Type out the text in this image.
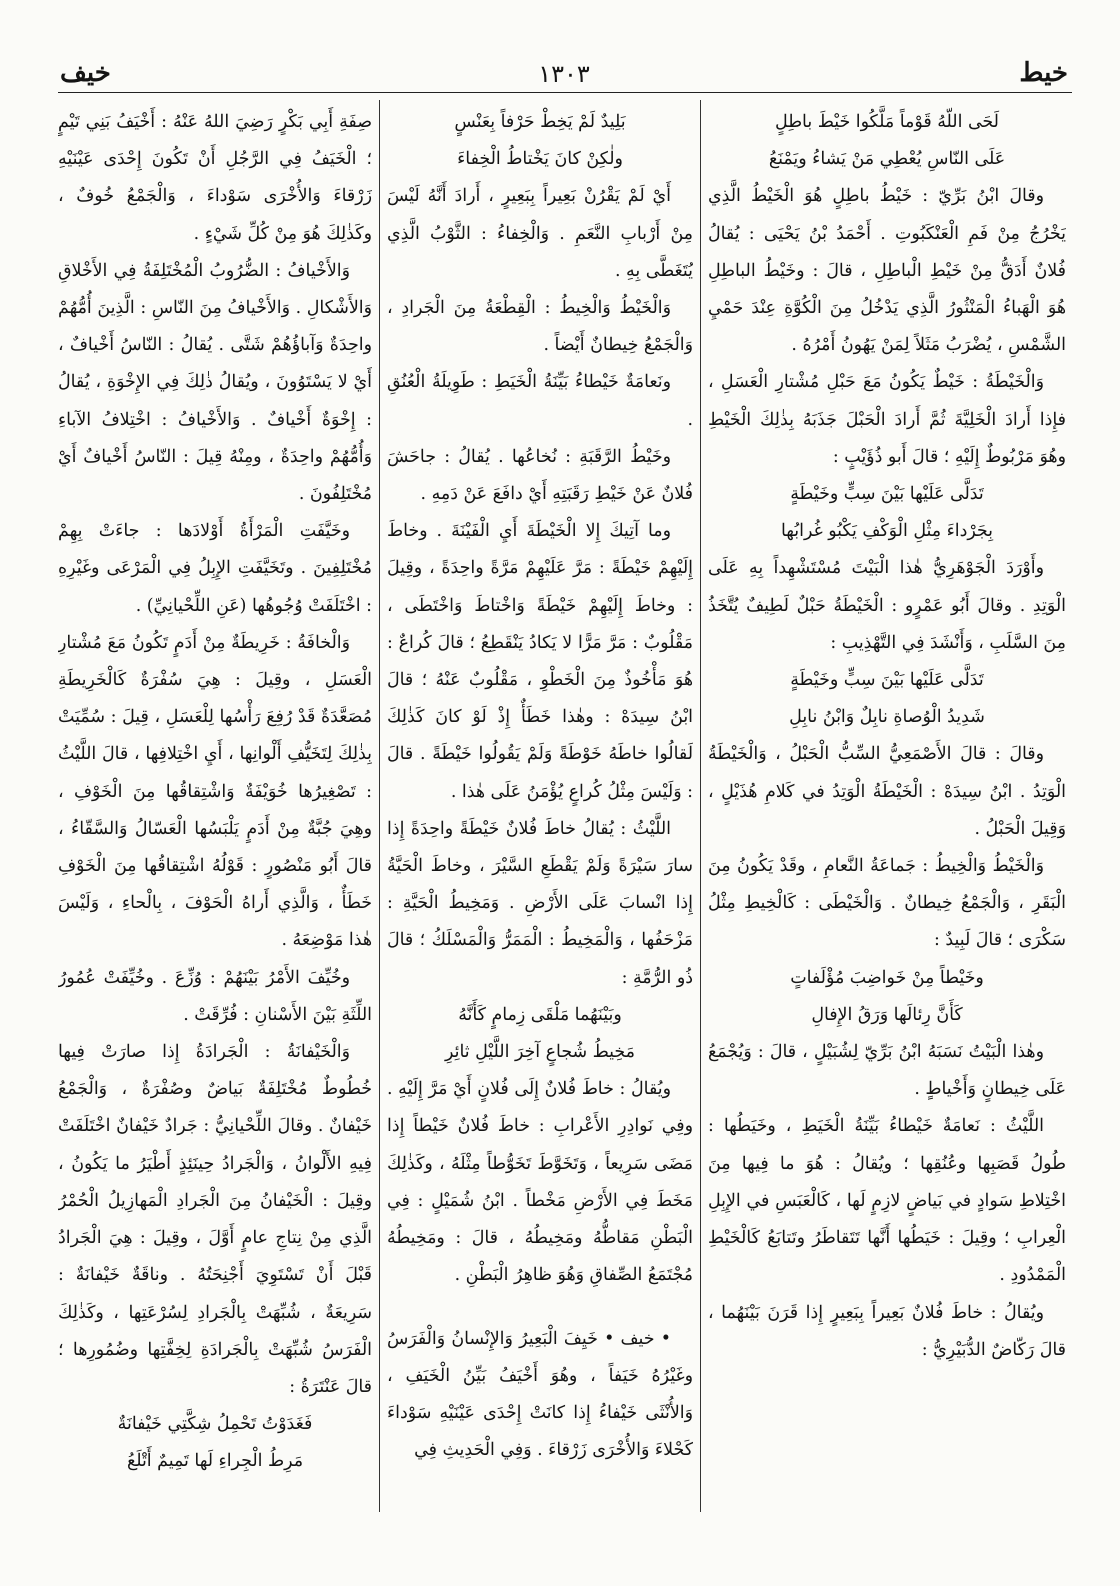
خيط
١٣٠٣
خيف

لَحَى اللّهُ قَوْماً مَلَّكُوا خَيْطَ باطِلٍ

عَلَى النّاسِ يُعْطِي مَنْ يَشاءُ ويَمْنَعُ

وقالَ ابْنُ بَرِّيّ : خَيْطُ باطِلٍ هُوَ الْخَيْطُ الَّذِي يَخْرُجُ مِنْ فَمِ الْعَنْكَبُوتِ . أَحْمَدُ بْنُ يَحْيَى : يُقالُ فُلانٌ أَدَقُّ مِنْ خَيْطِ الْباطِلِ ، قالَ : وخَيْطُ الباطِلِ هُوَ الْهَباءُ الْمَنْثُورُ الَّذِي يَدْخُلُ مِنَ الْكُوَّةِ عِنْدَ حَمْيِ الشَّمْسِ ، يُضْرَبُ مَثَلاً لِمَنْ يَهُونُ أَمْرُهُ .

وَالْخَيْطَةُ : خَيْطٌ يَكُونُ مَعَ حَبْلِ مُشْتارِ الْعَسَلِ ، فإِذا أَرادَ الْخَلِيَّةَ ثُمَّ أَرادَ الْحَبْلَ جَذَبَهُ بِذٰلِكَ الْخَيْطِ وهُوَ مَرْبُوطٌ إِلَيْهِ ؛ قالَ أَبو ذُؤَيْبٍ :

تَدَلَّى عَلَيْها بَيْنَ سِبٍّ وخَيْطَةٍ

بِجَرْداءَ مِثْلِ الْوَكْفِ يَكْبُو غُرابُها

وأَوْرَدَ الْجَوْهَرِيُّ هٰذا الْبَيْتَ مُسْتَشْهِداً بِهِ عَلَى الْوَتِدِ . وقالَ أَبُو عَمْرٍو : الْخَيْطَةُ حَبْلٌ لَطِيفٌ يُتَّخَذُ مِنَ السَّلَبِ ، وَأَنْشَدَ فِي التَّهْذِيبِ :

تَدَلَّى عَلَيْها بَيْنَ سِبٍّ وخَيْطَةٍ

شَدِيدُ الْوُصاةِ نابِلٌ وَابْنُ نابِلِ

وقالَ : قالَ الأَصْمَعِيُّ السِّبُّ الْحَبْلُ ، وَالْخَيْطَةُ الْوَتِدُ . ابْنُ سِيدَهْ : الْخَيْطَةُ الْوَتِدُ في كَلامِ هُذَيْلٍ ، وَقِيلَ الْحَبْلُ .

وَالْخَيْطُ وَالْخِيطُ : جَماعَةُ النَّعامِ ، وقَدْ يَكُونُ مِنَ الْبَقَرِ ، وَالْجَمْعُ خِيطانٌ . وَالْخَيْطَى : كَالْخِيطِ مِثْلُ سَكْرَى ؛ قالَ لَبِيدٌ :

وخَيْطاً مِنْ خَواضِبَ مُؤْلَفاتٍ

كَأَنَّ رِئالَها وَرَقُ الإِفالِ

وهٰذا الْبَيْتُ نَسَبَهُ ابْنُ بَرِّيّ لِشُبَيْلٍ ، قالَ : وَيُجْمَعُ عَلَى خِيطانٍ وَأَخْياطٍ .

اللَّيْثُ : نَعامَةٌ خَيْطاءُ بَيِّنَةُ الْخَيَطِ ، وخَيَطُها : طُولُ قَصَبِها وعُنُقِها ؛ ويُقالُ : هُوَ ما فِيها مِنَ اخْتِلاطِ سَوادٍ في بَياضٍ لازِمٍ لَها ، كَالْعَبَسِ في الإِبِلِ الْعِرابِ ؛ وقِيلَ : خَيَطُها أَنَّها تَتَقاطَرُ وتَتابَعُ كَالْخَيْطِ الْمَمْدُودِ .

ويُقالُ : خاطَ فُلانٌ بَعِيراً بِبَعِيرٍ إِذا قَرَنَ بَيْنَهُما ، قالَ رَكّاضٌ الدُّبَيْرِيُّ :

بَلِيدٌ لَمْ يَخِطْ حَرْفاً بِعَنْسٍ

ولٰكِنْ كانَ يَخْتاطُ الْخِفاءَ

أَيْ لَمْ يَقْرُنْ بَعِيراً بِبَعِيرٍ ، أَرادَ أَنَّهُ لَيْسَ مِنْ أَرْبابِ النَّعَمِ . وَالْخِفاءُ : الثَّوْبُ الَّذِي يُتَغَطَّى بِهِ .

وَالْخَيْطُ وَالْخِيطُ : الْقِطْعَةُ مِنَ الْجَرادِ ، وَالْجَمْعُ خِيطانٌ أَيْضاً .

ونَعامَةٌ خَيْطاءُ بَيِّنَةُ الْخَيَطِ : طَوِيلَةُ الْعُنُقِ .

وخَيْطُ الرَّقَبَةِ : نُخاعُها . يُقالُ : جاحَشَ فُلانٌ عَنْ خَيْطِ رَقَبَتِهِ أَيْ دافَعَ عَنْ دَمِهِ .

وما آتِيكَ إِلا الْخَيْطَةَ أَيِ الْفَيْنَةَ . وخاطَ إِلَيْهِمْ خَيْطَةً : مَرَّ عَلَيْهِمْ مَرَّةً واحِدَةً ، وقِيلَ : وخاطَ إِلَيْهِمْ خَيْطَةً وَاخْتاطَ وَاخْتَطَى ، مَقْلُوبٌ : مَرَّ مَرًّا لا يَكادُ يَنْقَطِعُ ؛ قالَ كُراعٌ : هُوَ مَأْخُوذٌ مِنَ الْخَطْوِ ، مَقْلُوبٌ عَنْهُ ؛ قالَ ابْنُ سِيدَهْ : وهٰذا خَطَأٌ إِذْ لَوْ كانَ كَذٰلِكَ لَقالُوا خاطَهُ خَوْطَةً وَلَمْ يَقُولُوا خَيْطَةً . قالَ : وَلَيْسَ مِثْلُ كُراعٍ يُؤْمَنُ عَلَى هٰذا .

اللَّيْثُ : يُقالُ خاطَ فُلانٌ خَيْطَةً واحِدَةً إِذا سارَ سَيْرَةً وَلَمْ يَقْطَعِ السَّيْرَ ، وخاطَ الْحَيَّةُ إِذا انْسابَ عَلَى الأَرْضِ . وَمَخِيطُ الْحَيَّةِ : مَزْحَفُها ، وَالْمَخِيطُ : الْمَمَرُّ وَالْمَسْلَكُ ؛ قالَ ذُو الرُّمَّةِ :

وبَيْنَهُما مَلْقَى زِمامٍ كَأَنَّهُ

مَخِيطُ شُجاعٍ آخِرَ اللَّيْلِ ثائِرِ

ويُقالُ : خاطَ فُلانٌ إِلَى فُلانٍ أَيْ مَرَّ إِلَيْهِ . وفِي نَوادِرِ الأَعْرابِ : خاطَ فُلانٌ خَيْطاً إِذا مَضَى سَرِيعاً ، وَتَخَوَّطَ تَخَوُّطاً مِثْلَهُ ، وكَذٰلِكَ مَخَطَ فِي الأَرْضِ مَخْطاً . ابْنُ شُمَيْلٍ : فِي الْبَطْنِ مَقاطُّهُ ومَخِيطُهُ ، قالَ : ومَخِيطُهُ مُجْتَمَعُ الصِّفاقِ وَهُوَ ظاهِرُ الْبَطْنِ .

• خيف • خَيِفَ الْبَعِيرُ وَالإِنْسانُ وَالْفَرَسُ وغَيْرُهُ خَيَفاً ، وهُوَ أَخْيَفُ بَيِّنُ الْخَيَفِ ، وَالأُنْثَى خَيْفاءُ إِذا كانَتْ إِحْدَى عَيْنَيْهِ سَوْداءَ كَحْلاءَ وَالأُخْرَى زَرْقاءَ . وَفِي الْحَدِيثِ فِي

صِفَةِ أَبِي بَكْرٍ رَضِيَ اللهُ عَنْهُ : أَخْيَفُ بَنِي تَيْمٍ ؛ الْخَيَفُ فِي الرَّجُلِ أَنْ تَكُونَ إِحْدَى عَيْنَيْهِ زَرْقاءَ وَالأُخْرَى سَوْداءَ ، وَالْجَمْعُ خُوفٌ ، وكَذٰلِكَ هُوَ مِنْ كُلِّ شَيْءٍ .

وَالأَخْيافُ : الضُّرُوبُ الْمُخْتَلِفَةُ فِي الأَخْلاقِ وَالأَشْكالِ . وَالأَخْيافُ مِنَ النّاسِ : الَّذِينَ أُمُّهُمْ واحِدَةٌ وَآباؤُهُمْ شَتَّى . يُقالُ : النّاسُ أَخْيافٌ ، أَيْ لا يَسْتَوُونَ ، ويُقالُ ذٰلِكَ فِي الإِخْوَةِ ، يُقالُ : إِخْوَةٌ أَخْيافٌ . وَالأَخْيافُ : اخْتِلافُ الآباءِ وَأُمُّهُمْ واحِدَةٌ ، ومِنْهُ قِيلَ : النّاسُ أَخْيافٌ أَيْ مُخْتَلِفُونَ .

وخَيَّفَتِ الْمَرْأَةُ أَوْلادَها : جاءَتْ بِهِمْ مُخْتَلِفِينَ . وتَخَيَّفَتِ الإِبِلُ فِي الْمَرْعَى وغَيْرِهِ : اخْتَلَفَتْ وُجُوهُها (عَنِ اللِّحْيانِيِّ) .

وَالْخافَةُ : خَرِيطَةٌ مِنْ أَدَمٍ تَكُونُ مَعَ مُشْتارِ الْعَسَلِ ، وقِيلَ : هِيَ سُفْرَةٌ كَالْخَرِيطَةِ مُصَعَّدَةٌ قَدْ رُفِعَ رَأْسُها لِلْعَسَلِ ، قِيلَ : سُمِّيَتْ بِذٰلِكَ لِتَخَيُّفِ أَلْوانِها ، أَيِ اخْتِلافِها ، قالَ اللَّيْثُ : تَصْغِيرُها خُوَيْفَةٌ وَاشْتِقاقُها مِنَ الْخَوْفِ ، وهِيَ جُبَّةٌ مِنْ أَدَمٍ يَلْبَسُها الْعَسّالُ وَالسَّقّاءُ ، قالَ أَبُو مَنْصُورٍ : قَوْلُهُ اشْتِقاقُها مِنَ الْخَوْفِ خَطَأٌ ، وَالَّذِي أَراهُ الْحَوْفَ ، بِالْحاءِ ، وَلَيْسَ هٰذا مَوْضِعَهُ .

وخُيِّفَ الأَمْرُ بَيْنَهُمْ : وُزِّعَ . وخُيِّفَتْ عُمُورُ اللِّثَةِ بَيْنَ الأَسْنانِ : فُرِّقَتْ .

وَالْخَيْفانَةُ : الْجَرادَةُ إِذا صارَتْ فِيها خُطُوطٌ مُخْتَلِفَةٌ بَياضٌ وصُفْرَةٌ ، وَالْجَمْعُ خَيْفانٌ . وقالَ اللِّحْيانِيُّ : جَرادٌ خَيْفانٌ اخْتَلَفَتْ فِيهِ الأَلْوانُ ، وَالْجَرادُ حِينَئِذٍ أَطْيَرُ ما يَكُونُ ، وقِيلَ : الْخَيْفانُ مِنَ الْجَرادِ الْمَهازِيلُ الْحُمْرُ الَّذِي مِنْ نِتاجِ عامٍ أَوَّلَ ، وقِيلَ : هِيَ الْجَرادُ قَبْلَ أَنْ تَسْتَوِيَ أَجْنِحَتُهُ . وناقَةٌ خَيْفانَةٌ : سَرِيعَةٌ ، شُبِّهَتْ بِالْجَرادِ لِسُرْعَتِها ، وكَذٰلِكَ الْفَرَسُ شُبِّهَتْ بِالْجَرادَةِ لِخِفَّتِها وضُمُورِها ؛ قالَ عَنْتَرَةُ :

فَغَدَوْتُ تَحْمِلُ شِكَّتِي خَيْفانَةٌ

مَرِطُ الْجِراءِ لَها تَمِيمٌ أَتْلَعُ
